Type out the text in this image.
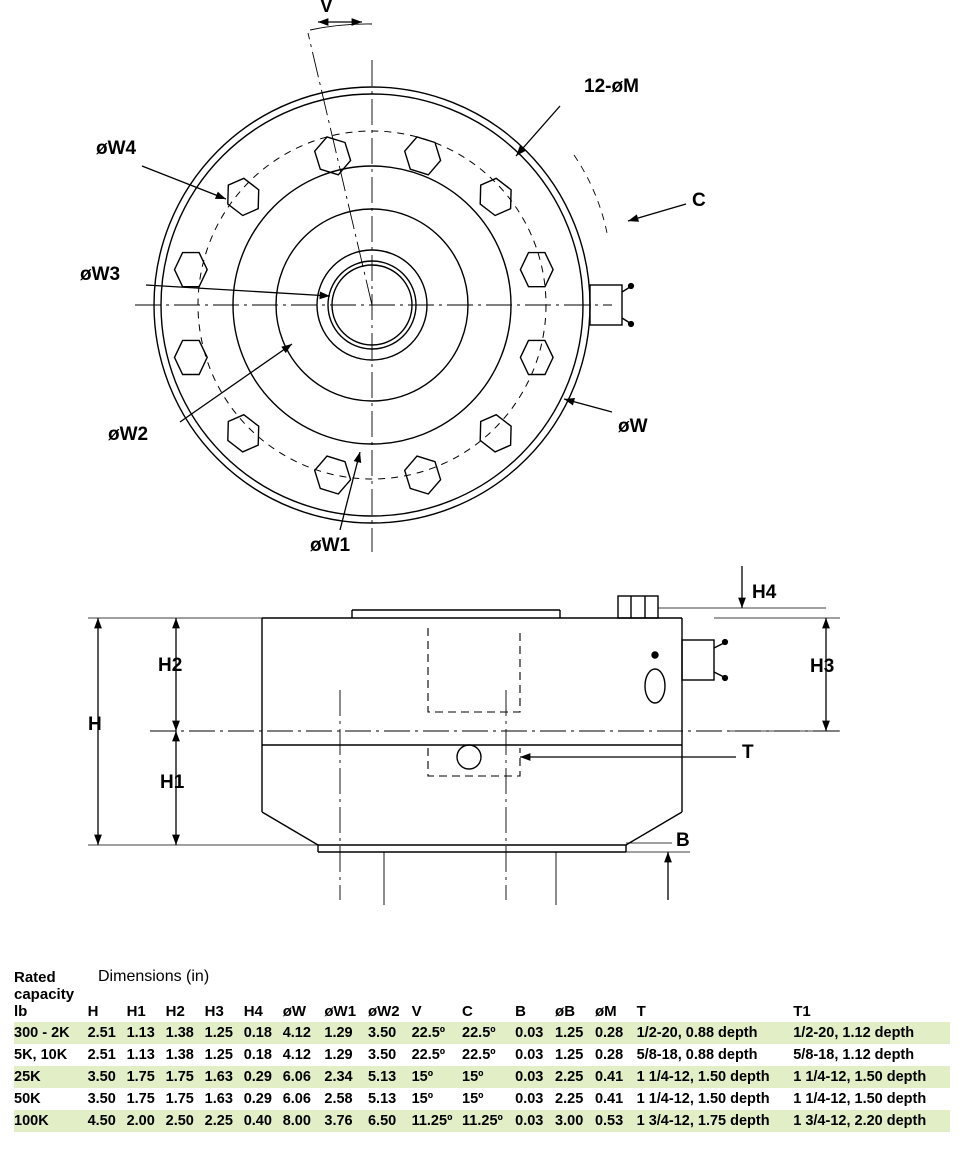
V
12-øM
C
øW4
øW3
øW2
øW1
øW
H
H1
H2	H3
H4
T
B
Rated
capacity
lb	H	H1	H2	H3	H4	øW	øW1	øW2	V	C	B	øB	øM	T	T1
300 - 2K	2.51	1.13	1.38	1.25	0.18	4.12	1.29	3.50	22.5º	22.5º	0.03	1.25	0.28	1/2-20, 0.88 depth	1/2-20, 1.12 depth
5K, 10K	2.51	1.13	1.38	1.25	0.18	4.12	1.29	3.50	22.5º	22.5º	0.03	1.25	0.28	5/8-18, 0.88 depth	5/8-18, 1.12 depth
25K	3.50	1.75	1.75	1.63	0.29	6.06	2.34	5.13	15º	15º	0.03	2.25	0.41	1 1/4-12, 1.50 depth	1 1/4-12, 1.50 depth
50K	3.50	1.75	1.75	1.63	0.29	6.06	2.58	5.13	15º	15º	0.03	2.25	0.41	1 1/4-12, 1.50 depth	1 1/4-12, 1.50 depth
100K	4.50	2.00	2.50	2.25	0.40	8.00	3.76	6.50	11.25º	11.25º	0.03	3.00	0.53	1 3/4-12, 1.75 depth	1 3/4-12, 2.20 depth
Dimensions (in)
